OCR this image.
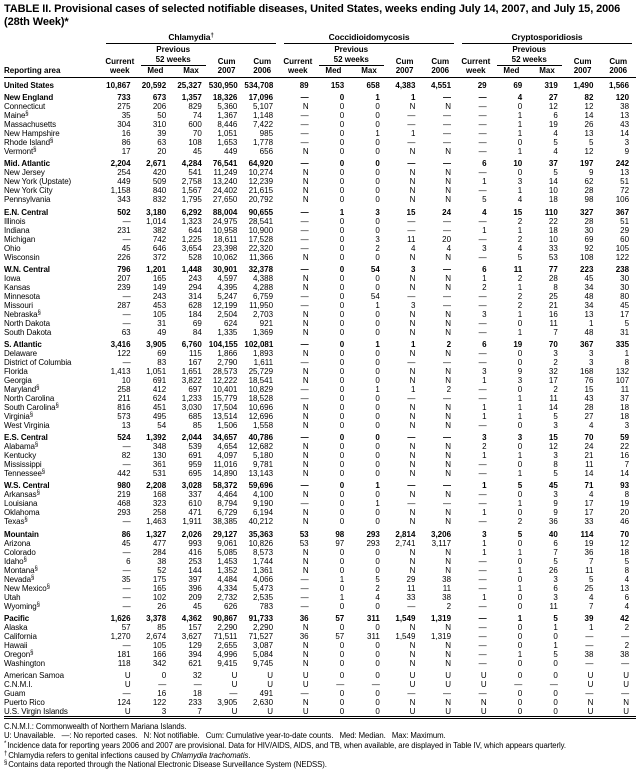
TABLE II. Provisional cases of selected notifiable diseases, United States, weeks ending July 14, 2007, and July 15, 2006
(28th Week)*

	Chlamydia†					Coccidioidomycosis					Cryptosporidiosis				

		Previous					Previous					Previous			
	Current	52 weeks		Cum	Cum	Current	52 weeks		Cum	Cum	Current	52 weeks		Cum	Cum
Reporting area	week	Med	Max	2007	2006	week	Med	Max	2007	2006	week	Med	Max	2007	2006
United States	10,867	20,592	25,327	530,950	534,708	89	153	658	4,383	4,551	29	69	319	1,490	1,566
New England	733	673	1,357	18,326	17,096	—	0	1	1	—	—	4	27	82	120
Connecticut	275	206	829	5,360	5,107	N	0	0	N	N	—	0	12	12	38
Maine§	35	50	74	1,367	1,148	—	0	0	—	—	—	1	6	14	13
Massachusetts	304	310	600	8,446	7,422	—	0	0	—	—	—	1	19	26	43
New Hampshire	16	39	70	1,051	985	—	0	1	1	—	—	1	4	13	14
Rhode Island§	86	63	108	1,653	1,778	—	0	0	—	—	—	0	5	5	3
Vermont§	17	20	45	449	656	N	0	0	N	N	—	1	4	12	9
Mid. Atlantic	2,204	2,671	4,284	76,541	64,920	—	0	0	—	—	6	10	37	197	242
New Jersey	254	420	541	11,249	10,274	N	0	0	N	N	—	0	5	9	13
New York (Upstate)	449	509	2,758	13,240	12,239	N	0	0	N	N	1	3	14	62	51
New York City	1,158	840	1,567	24,402	21,615	N	0	0	N	N	—	1	10	28	72
Pennsylvania	343	832	1,795	27,650	20,792	N	0	0	N	N	5	4	18	98	106
E.N. Central	502	3,180	6,292	88,004	90,655	—	1	3	15	24	4	15	110	327	367
Illinois	—	1,014	1,323	24,975	28,541	—	0	0	—	—	—	2	22	28	51
Indiana	231	382	644	10,958	10,900	—	0	0	—	—	1	1	18	30	29
Michigan	—	742	1,225	18,611	17,528	—	0	3	11	20	—	2	10	69	60
Ohio	45	646	3,654	23,398	22,320	—	0	2	4	4	3	4	33	92	105
Wisconsin	226	372	528	10,062	11,366	N	0	0	N	N	—	5	53	108	122
W.N. Central	796	1,201	1,448	30,901	32,378	—	0	54	3	—	6	11	77	223	238
Iowa	207	165	243	4,597	4,388	N	0	0	N	N	1	2	28	45	30
Kansas	239	149	294	4,395	4,288	N	0	0	N	N	2	1	8	34	30
Minnesota	—	243	314	5,247	6,759	—	0	54	—	—	—	2	25	48	80
Missouri	287	453	628	12,199	11,950	—	0	1	3	—	—	2	21	34	45
Nebraska§	—	105	184	2,504	2,703	N	0	0	N	N	3	1	16	13	17
North Dakota	—	31	69	624	921	N	0	0	N	N	—	0	11	1	5
South Dakota	63	49	84	1,335	1,369	N	0	0	N	N	—	1	7	48	31
S. Atlantic	3,416	3,905	6,760	104,155	102,081	—	0	1	1	2	6	19	70	367	335
Delaware	122	69	115	1,866	1,893	N	0	0	N	N	—	0	3	3	1
District of Columbia	—	83	167	2,790	1,611	—	0	0	—	—	—	0	2	3	8
Florida	1,413	1,051	1,651	28,573	25,729	N	0	0	N	N	3	9	32	168	132
Georgia	10	691	3,822	12,222	18,541	N	0	0	N	N	1	3	17	76	107
Maryland§	258	412	697	10,401	10,829	—	0	1	1	2	—	0	2	15	11
North Carolina	211	624	1,233	15,779	18,528	—	0	0	—	—	—	1	11	43	37
South Carolina§	816	451	3,030	17,504	10,696	N	0	0	N	N	1	1	14	28	18
Virginia§	573	495	685	13,514	12,696	N	0	0	N	N	1	1	5	27	18
West Virginia	13	54	85	1,506	1,558	N	0	0	N	N	—	0	3	4	3
E.S. Central	524	1,392	2,044	34,657	40,786	—	0	0	—	—	3	3	15	70	59
Alabama§	—	348	539	4,654	12,682	N	0	0	N	N	2	0	12	24	22
Kentucky	82	130	691	4,097	5,180	N	0	0	N	N	1	1	3	21	16
Mississippi	—	361	959	11,016	9,781	N	0	0	N	N	—	0	8	11	7
Tennessee§	442	531	695	14,890	13,143	N	0	0	N	N	—	1	5	14	14
W.S. Central	980	2,208	3,028	58,372	59,696	—	0	1	—	—	1	5	45	71	93
Arkansas§	219	168	337	4,464	4,100	N	0	0	N	N	—	0	3	4	8
Louisiana	468	323	610	8,794	9,190	—	0	1	—	—	—	1	9	17	19
Oklahoma	293	258	471	6,729	6,194	N	0	0	N	N	1	0	9	17	20
Texas§	—	1,463	1,911	38,385	40,212	N	0	0	N	N	—	2	36	33	46
Mountain	86	1,327	2,026	29,127	35,363	53	98	293	2,814	3,206	3	5	40	114	70
Arizona	45	477	993	9,061	10,826	53	97	293	2,741	3,117	1	0	6	19	12
Colorado	—	284	416	5,085	8,573	N	0	0	N	N	1	1	7	36	18
Idaho§	6	38	253	1,453	1,744	N	0	0	N	N	—	0	5	7	5
Montana§	—	52	144	1,352	1,361	N	0	0	N	N	—	1	26	11	8
Nevada§	35	175	397	4,484	4,066	—	1	5	29	38	—	0	3	5	4
New Mexico§	—	165	396	4,334	5,473	—	0	2	11	11	—	1	6	25	13
Utah	—	102	209	2,732	2,535	—	1	4	33	38	1	0	3	4	6
Wyoming§	—	26	45	626	783	—	0	0	—	2	—	0	11	7	4
Pacific	1,626	3,378	4,362	90,867	91,733	36	57	311	1,549	1,319	—	1	5	39	42
Alaska	57	85	157	2,290	2,290	N	0	0	N	N	—	0	1	1	2
California	1,270	2,674	3,627	71,511	71,527	36	57	311	1,549	1,319	—	0	0	—	—
Hawaii	—	105	129	2,655	3,087	N	0	0	N	N	—	0	1	—	2
Oregon§	181	166	394	4,996	5,084	N	0	0	N	N	—	1	5	38	38
Washington	118	342	621	9,415	9,745	N	0	0	N	N	—	0	0	—	—
American Samoa	U	0	32	U	U	U	0	0	U	U	U	0	0	U	U
C.N.M.I.	U	—	—	U	U	U	—	—	U	U	U	—	—	U	U
Guam	—	16	18	—	491	—	0	0	—	—	—	0	0	—	—
Puerto Rico	124	122	233	3,905	2,630	N	0	0	N	N	N	0	0	N	N
U.S. Virgin Islands	U	3	7	U	U	U	0	0	U	U	U	0	0	U	U
C.N.M.I.: Commonwealth of Northern Mariana Islands.
U: Unavailable.   —: No reported cases.   N: Not notifiable.   Cum: Cumulative year-to-date counts.   Med: Median.   Max: Maximum.
*Incidence data for reporting years 2006 and 2007 are provisional. Data for HIV/AIDS, AIDS, and TB, when available, are displayed in Table IV, which appears quarterly.
†Chlamydia refers to genital infections caused by Chlamydia trachomatis.
§Contains data reported through the National Electronic Disease Surveillance System (NEDSS).
